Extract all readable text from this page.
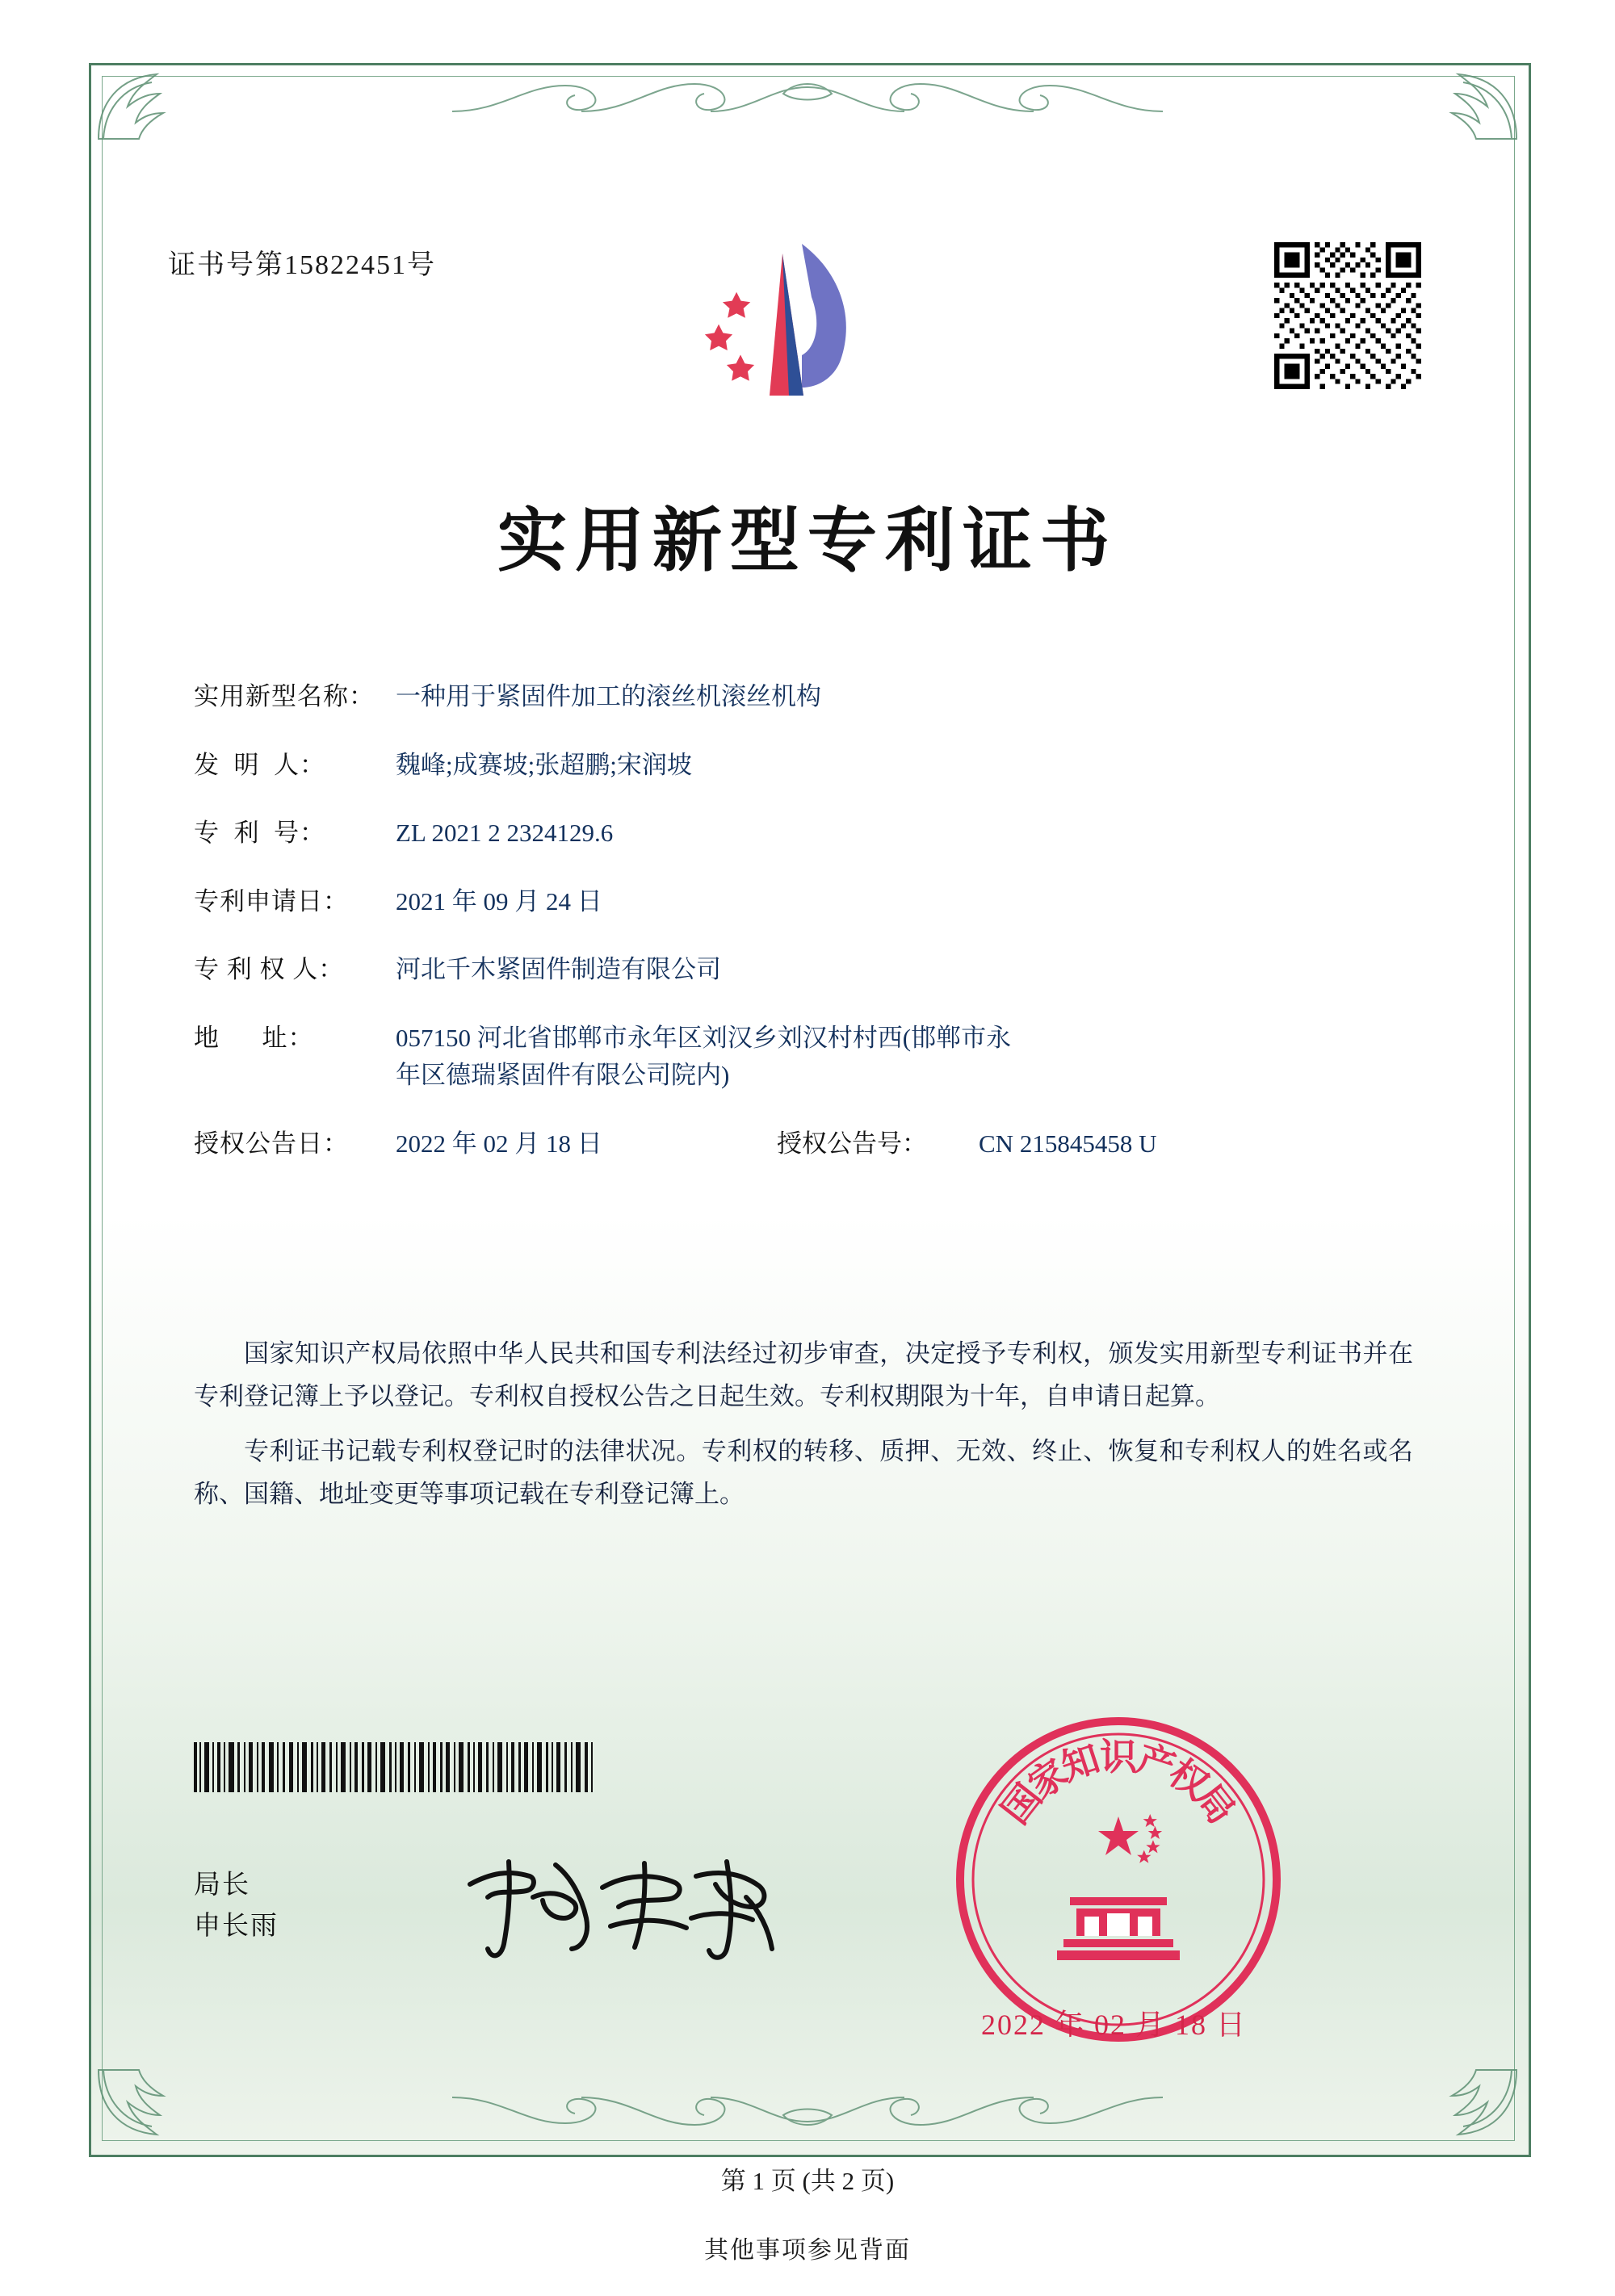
证书号第15822451号
实用新型专利证书
实用新型名称： 一种用于紧固件加工的滚丝机滚丝机构
发  明  人：	魏峰;成赛坡;张超鹏;宋润坡
专  利  号：	ZL 2021 2 2324129.6
专利申请日：	2021 年 09 月 24 日
专 利 权 人：	河北千木紧固件制造有限公司
地      址：	057150 河北省邯郸市永年区刘汉乡刘汉村村西(邯郸市永
年区德瑞紧固件有限公司院内)
授权公告日：	2022 年 02 月 18 日	授权公告号：	CN 215845458 U

国家知识产权局依照中华人民共和国专利法经过初步审查，决定授予专利权，颁发实用新型专利证书并在专利登记簿上予以登记。专利权自授权公告之日起生效。专利权期限为十年，自申请日起算。

专利证书记载专利权登记时的法律状况。专利权的转移、质押、无效、终止、恢复和专利权人的姓名或名称、国籍、地址变更等事项记载在专利登记簿上。

局长
申长雨
国
家
知
识
产
权
局
2022 年 02 月 18 日
第 1 页 (共 2 页)
其他事项参见背面
